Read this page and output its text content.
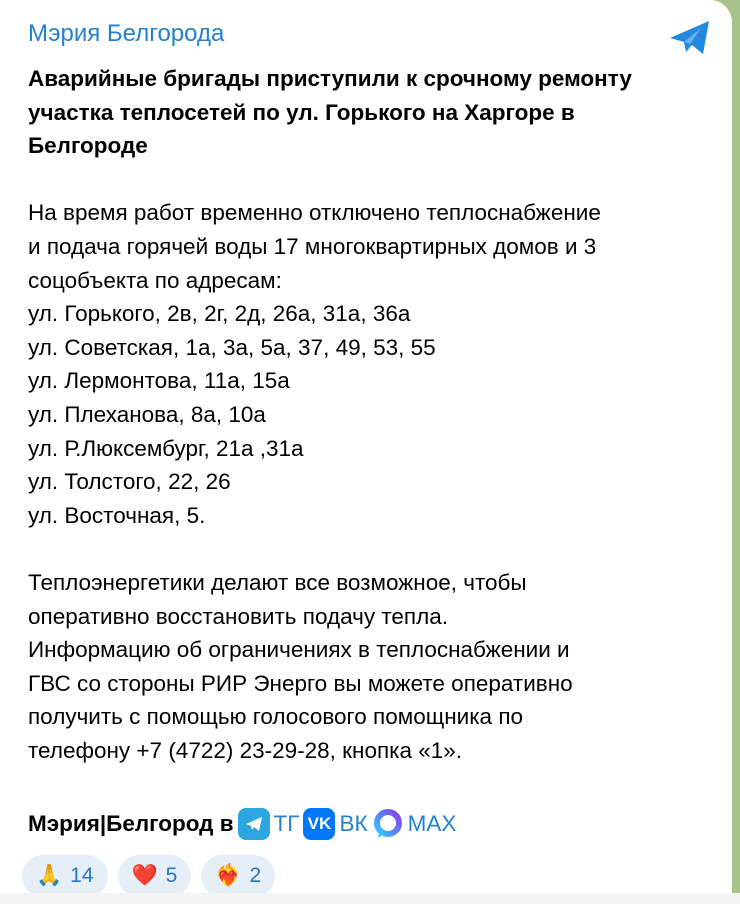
Мэрия Белгорода

Аварийные бригады приступили к срочному ремонту

участка теплосетей по ул. Горького на Харгоре в

Белгороде

На время работ временно отключено теплоснабжение

и подача горячей воды 17 многоквартирных домов и 3

соцобъекта по адресам:

ул. Горького, 2в, 2г, 2д, 26а, 31а, 36а

ул. Советская, 1а, 3а, 5а, 37, 49, 53, 55

ул. Лермонтова, 11а, 15а

ул. Плеханова, 8а, 10а

ул. Р.Люксембург, 21а ,31а

ул. Толстого, 22, 26

ул. Восточная, 5.

Теплоэнергетики делают все возможное, чтобы

оперативно восстановить подачу тепла.

Информацию об ограничениях в теплоснабжении и

ГВС со стороны РИР Энерго вы можете оперативно

получить с помощью голосового помощника по

телефону +7 (4722) 23-29-28, кнопка «1».

Мэрия|Белгород в ТГ VK ВК MAX
🙏 14 ❤️ 5 ❤️‍🔥 2
